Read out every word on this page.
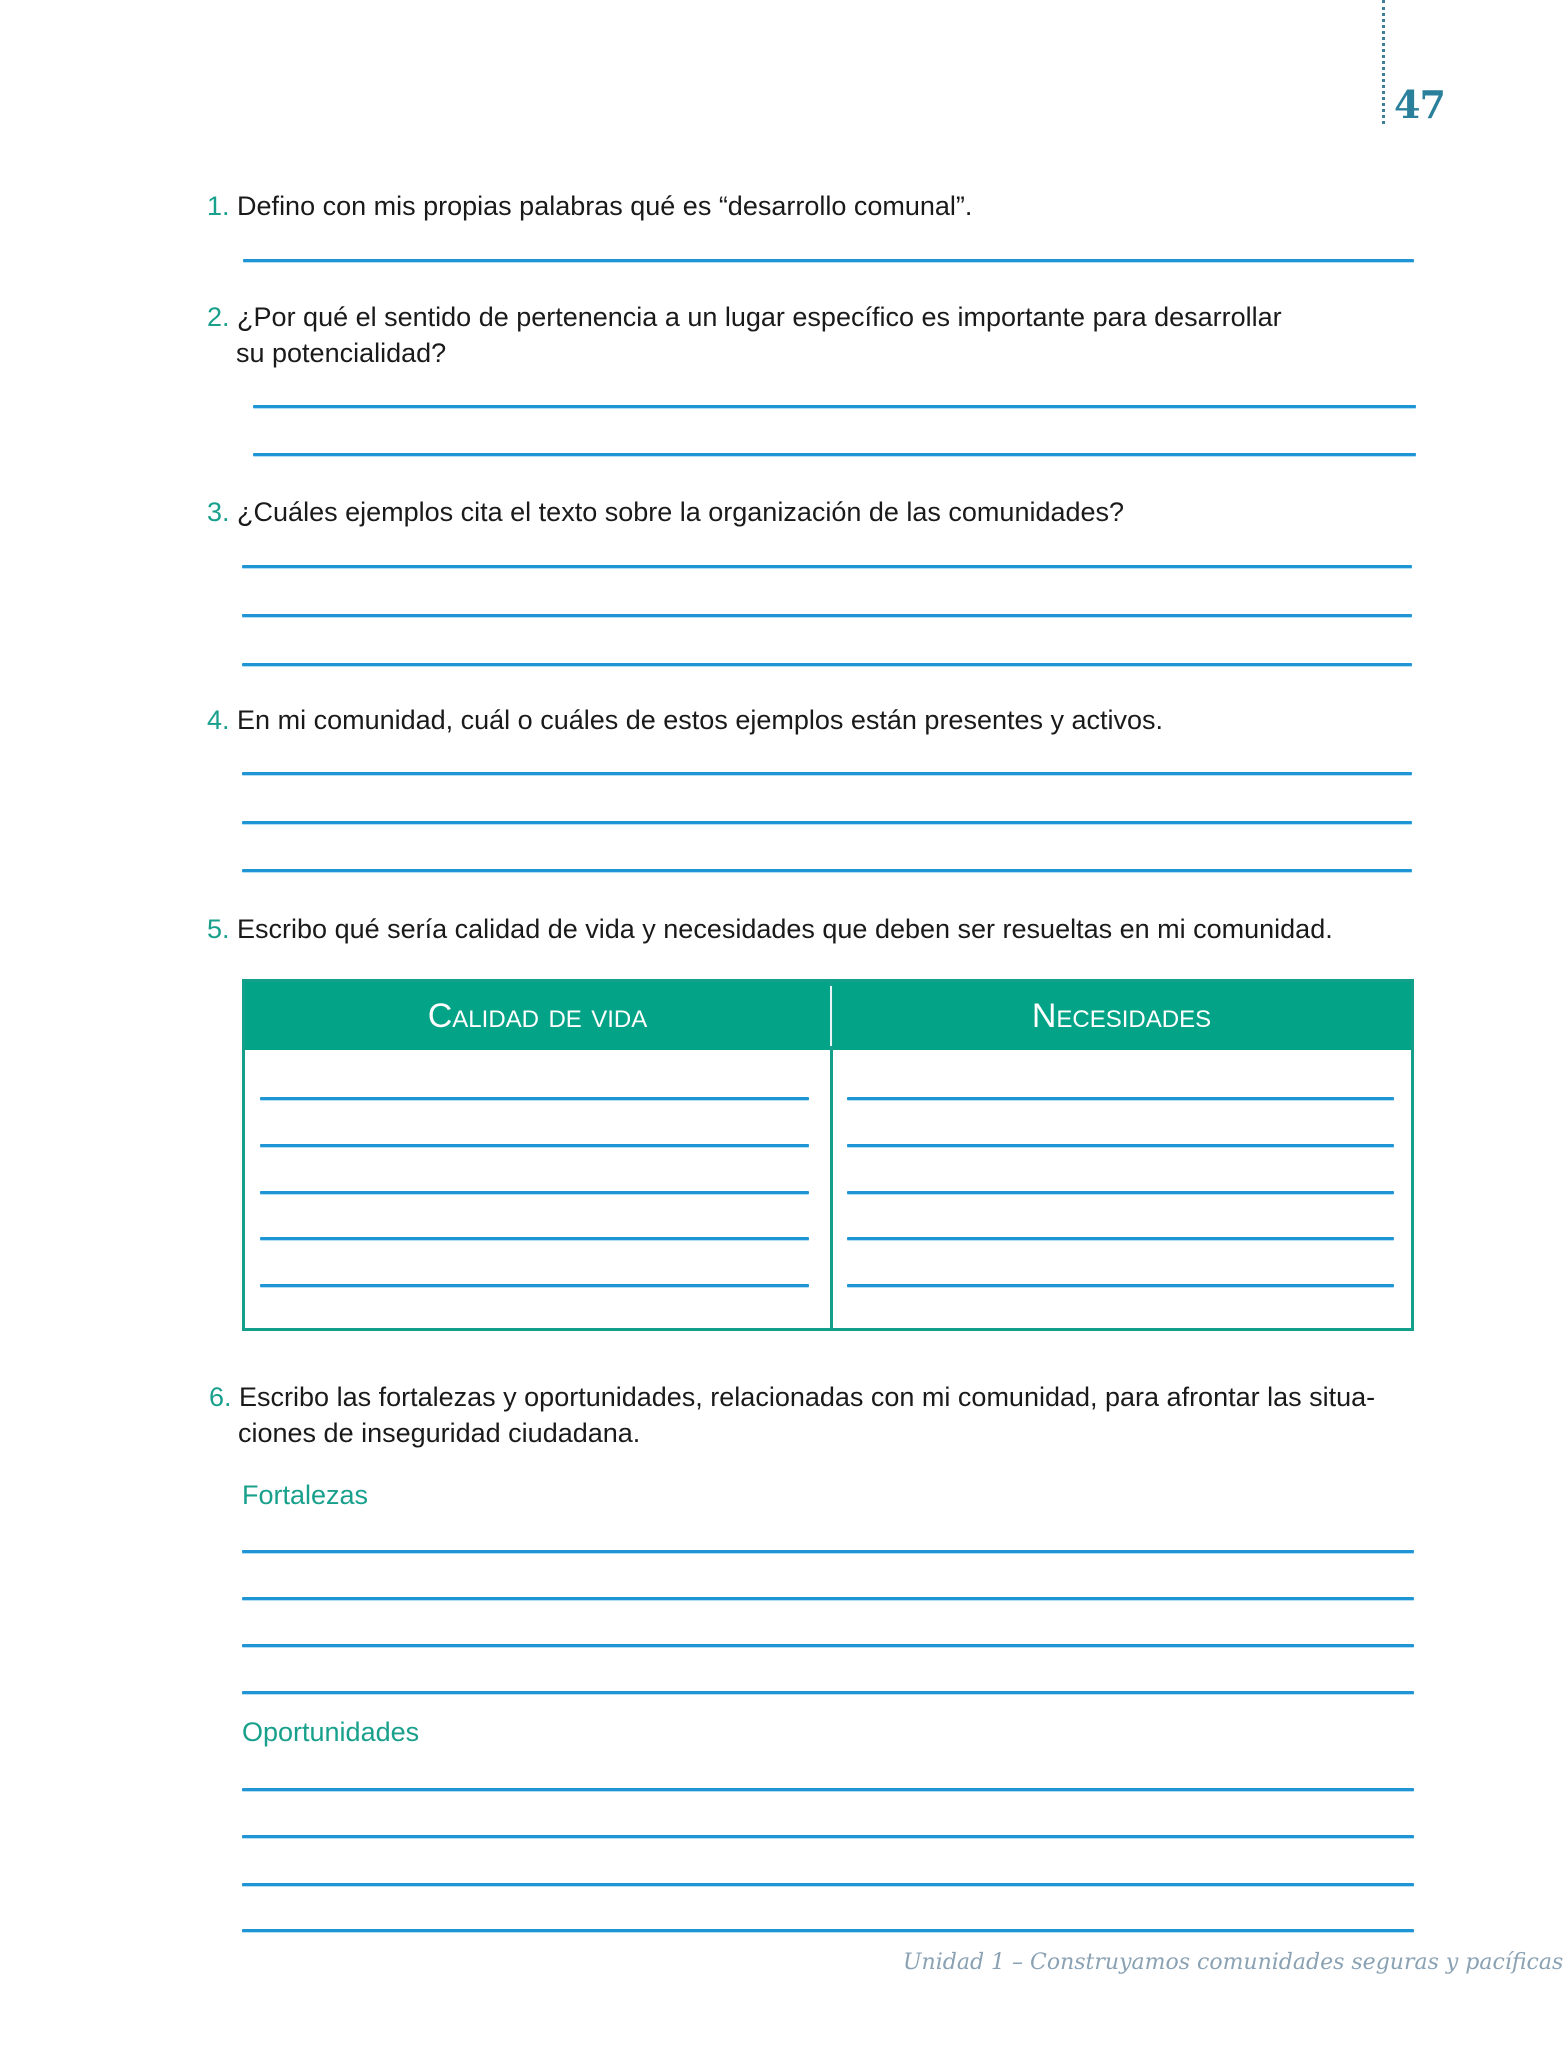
47
1. Defino con mis propias palabras qué es “desarrollo comunal”.
2. ¿Por qué el sentido de pertenencia a un lugar específico es importante para desarrollar
su potencialidad?
3. ¿Cuáles ejemplos cita el texto sobre la organización de las comunidades?
4. En mi comunidad, cuál o cuáles de estos ejemplos están presentes y activos.
5. Escribo qué sería calidad de vida y necesidades que deben ser resueltas en mi comunidad.
Calidad de vida	Necesidades
6. Escribo las fortalezas y oportunidades, relacionadas con mi comunidad, para afrontar las situa-
ciones de inseguridad ciudadana.
Fortalezas
Oportunidades
Unidad 1 – Construyamos comunidades seguras y pacíficas
